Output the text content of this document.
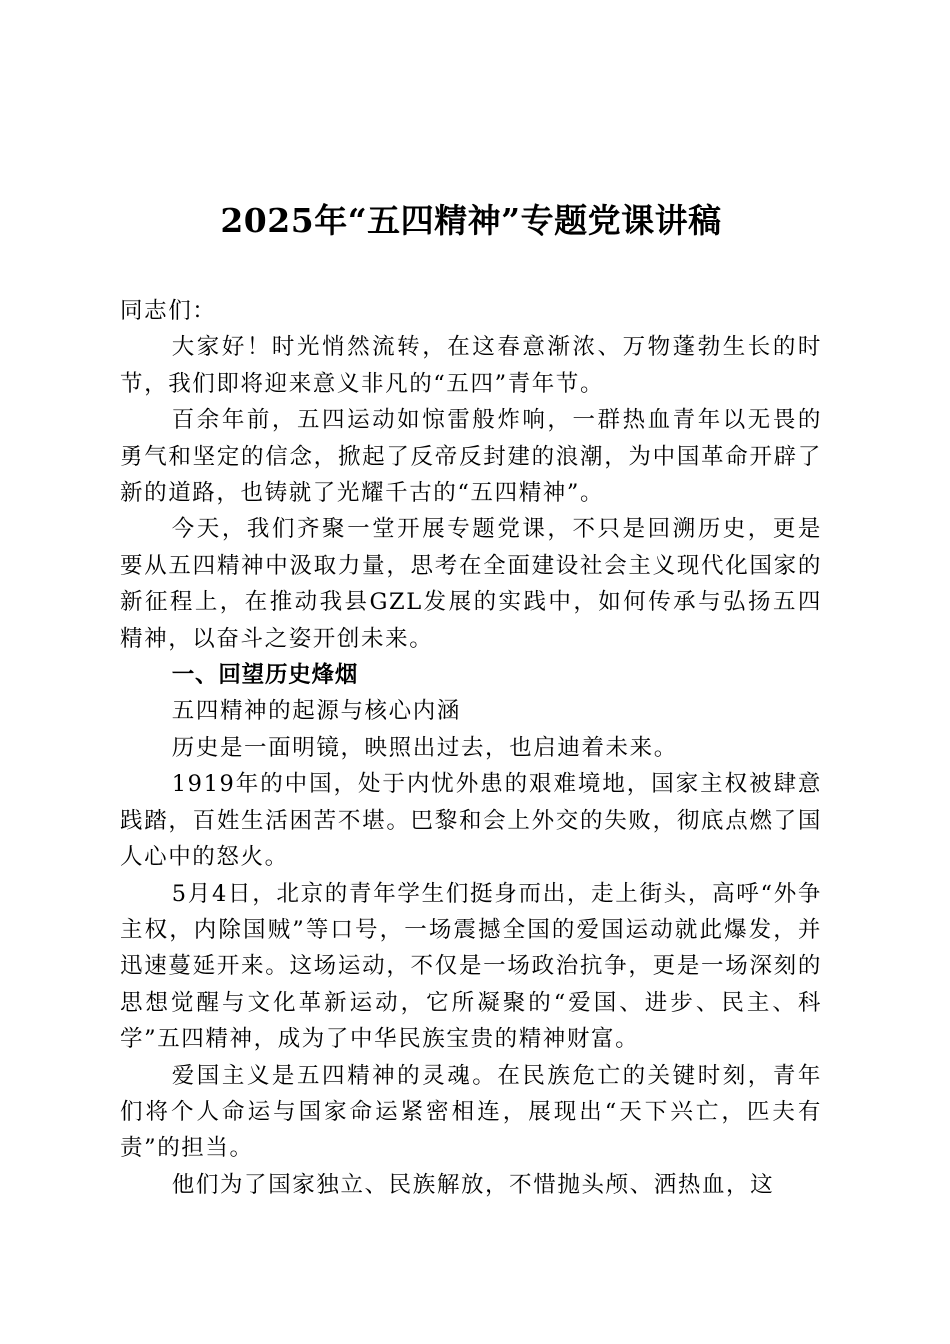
2025年“五四精神”专题党课讲稿

同志们：

大家好！时光悄然流转，在这春意渐浓、万物蓬勃生长的时节，我们即将迎来意义非凡的“五四”青年节。

百余年前，五四运动如惊雷般炸响，一群热血青年以无畏的勇气和坚定的信念，掀起了反帝反封建的浪潮，为中国革命开辟了新的道路，也铸就了光耀千古的“五四精神”。

今天，我们齐聚一堂开展专题党课，不只是回溯历史，更是要从五四精神中汲取力量，思考在全面建设社会主义现代化国家的新征程上，在推动我县GZL发展的实践中，如何传承与弘扬五四精神，以奋斗之姿开创未来。

一、回望历史烽烟

五四精神的起源与核心内涵

历史是一面明镜，映照出过去，也启迪着未来。

1919年的中国，处于内忧外患的艰难境地，国家主权被肆意践踏，百姓生活困苦不堪。巴黎和会上外交的失败，彻底点燃了国人心中的怒火。

5月4日，北京的青年学生们挺身而出，走上街头，高呼“外争主权，内除国贼”等口号，一场震撼全国的爱国运动就此爆发，并迅速蔓延开来。这场运动，不仅是一场政治抗争，更是一场深刻的思想觉醒与文化革新运动，它所凝聚的“爱国、进步、民主、科学”五四精神，成为了中华民族宝贵的精神财富。

爱国主义是五四精神的灵魂。在民族危亡的关键时刻，青年们将个人命运与国家命运紧密相连，展现出“天下兴亡，匹夫有责”的担当。

他们为了国家独立、民族解放，不惜抛头颅、洒热血，这
